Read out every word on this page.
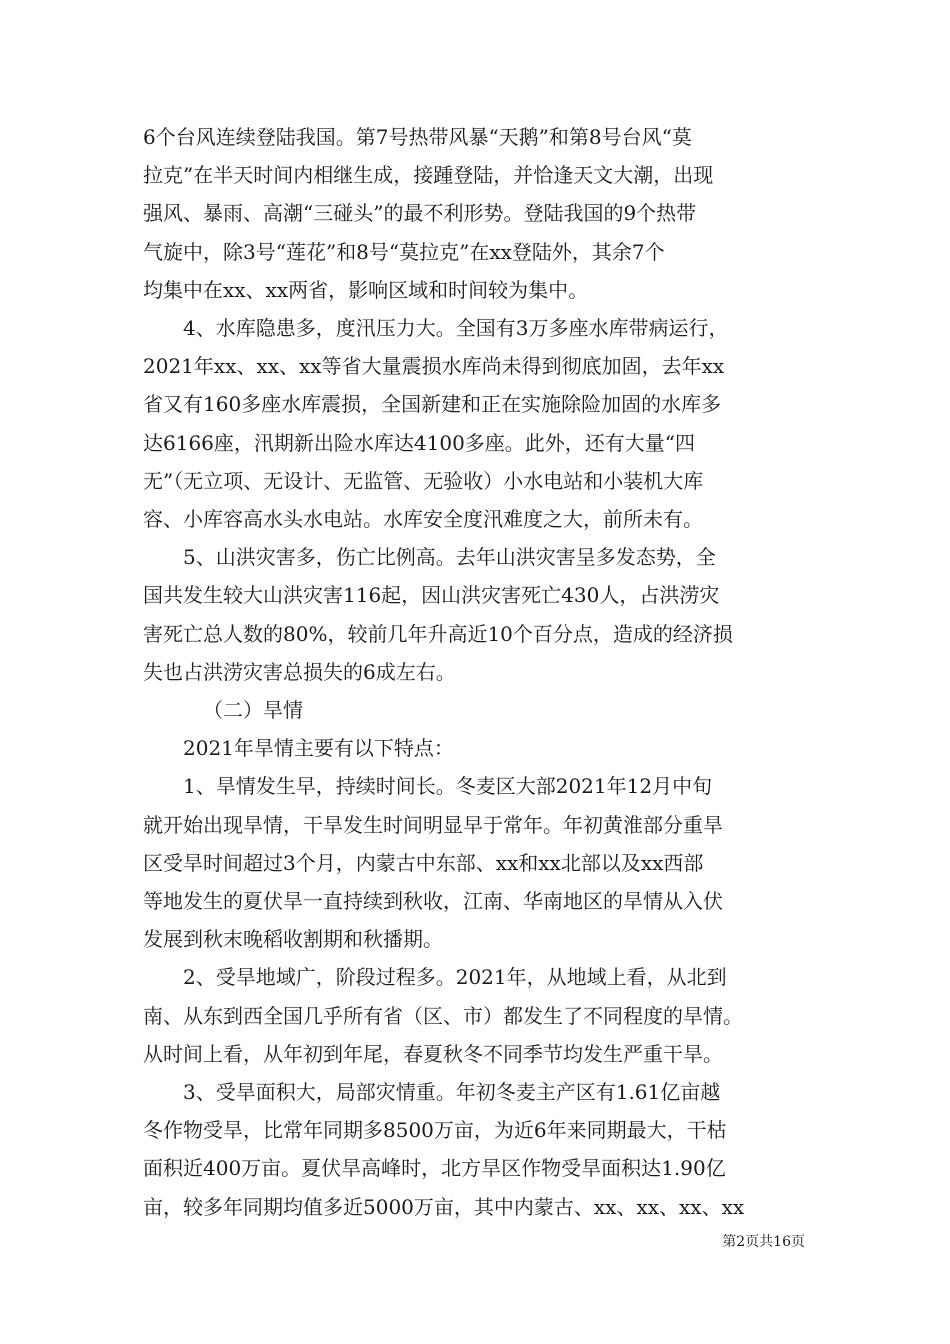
6个台风连续登陆我国。第7号热带风暴“天鹅”和第8号台风“莫
拉克”在半天时间内相继生成，接踵登陆，并恰逢天文大潮，出现
强风、暴雨、高潮“三碰头”的最不利形势。登陆我国的9个热带
气旋中，除3号“莲花”和8号“莫拉克”在xx登陆外，其余7个
均集中在xx、xx两省，影响区域和时间较为集中。
4、水库隐患多，度汛压力大。全国有3万多座水库带病运行，
2021年xx、xx、xx等省大量震损水库尚未得到彻底加固，去年xx
省又有160多座水库震损，全国新建和正在实施除险加固的水库多
达6166座，汛期新出险水库达4100多座。此外，还有大量“四
无”（无立项、无设计、无监管、无验收）小水电站和小装机大库
容、小库容高水头水电站。水库安全度汛难度之大，前所未有。
5、山洪灾害多，伤亡比例高。去年山洪灾害呈多发态势，全
国共发生较大山洪灾害116起，因山洪灾害死亡430人，占洪涝灾
害死亡总人数的80%，较前几年升高近10个百分点，造成的经济损
失也占洪涝灾害总损失的6成左右。
（二）旱情
2021年旱情主要有以下特点：
1、旱情发生早，持续时间长。冬麦区大部2021年12月中旬
就开始出现旱情，干旱发生时间明显早于常年。年初黄淮部分重旱
区受旱时间超过3个月，内蒙古中东部、xx和xx北部以及xx西部
等地发生的夏伏旱一直持续到秋收，江南、华南地区的旱情从入伏
发展到秋末晚稻收割期和秋播期。
2、受旱地域广，阶段过程多。2021年，从地域上看，从北到
南、从东到西全国几乎所有省（区、市）都发生了不同程度的旱情。
从时间上看，从年初到年尾，春夏秋冬不同季节均发生严重干旱。
3、受旱面积大，局部灾情重。年初冬麦主产区有1.61亿亩越
冬作物受旱，比常年同期多8500万亩，为近6年来同期最大，干枯
面积近400万亩。夏伏旱高峰时，北方旱区作物受旱面积达1.90亿
亩，较多年同期均值多近5000万亩，其中内蒙古、xx、xx、xx、xx
第2页共16页
